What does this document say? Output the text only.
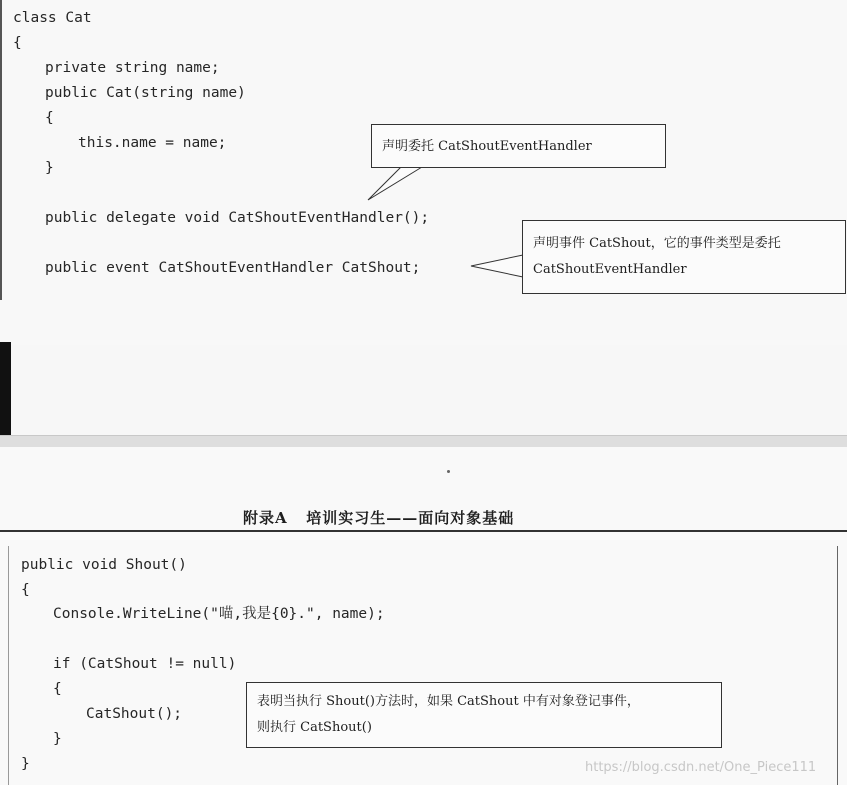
class Cat
{
private string name;
public Cat(string name)
{
this.name = name;
}
public delegate void CatShoutEventHandler();
public event CatShoutEventHandler CatShout;
声明委托 CatShoutEventHandler
声明事件 CatShout，它的事件类型是委托
CatShoutEventHandler
附录A   培训实习生——面向对象基础
public void Shout()
{
Console.WriteLine("喵,我是{0}.", name);
if (CatShout != null)
{
CatShout();
}
}
表明当执行 Shout()方法时，如果 CatShout 中有对象登记事件，
则执行 CatShout()
https://blog.csdn.net/One_Piece111
